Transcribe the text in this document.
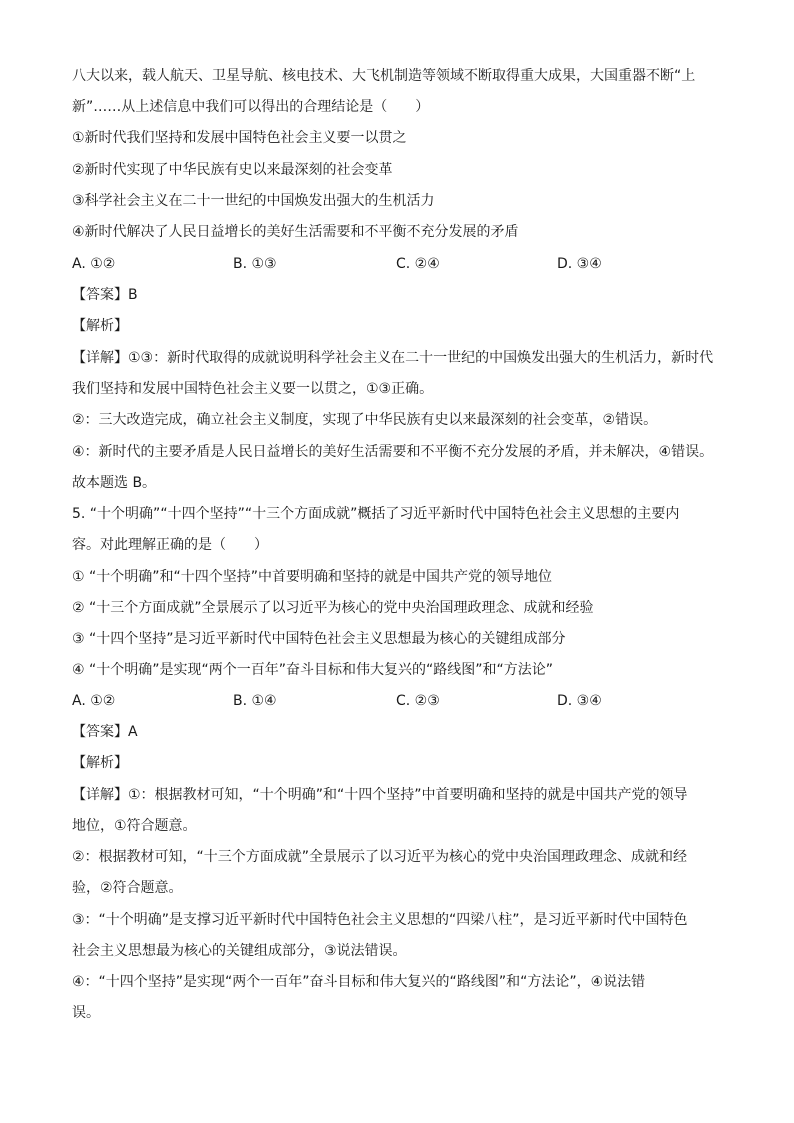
八大以来，载人航天、卫星导航、核电技术、大飞机制造等领域不断取得重大成果，大国重器不断“上
新”……从上述信息中我们可以得出的合理结论是（　　）
①新时代我们坚持和发展中国特色社会主义要一以贯之
②新时代实现了中华民族有史以来最深刻的社会变革
③科学社会主义在二十一世纪的中国焕发出强大的生机活力
④新时代解决了人民日益增长的美好生活需要和不平衡不充分发展的矛盾
A. ①②	B. ①③	C. ②④	D. ③④
【答案】B
【解析】
【详解】①③：新时代取得的成就说明科学社会主义在二十一世纪的中国焕发出强大的生机活力，新时代
我们坚持和发展中国特色社会主义要一以贯之，①③正确。
②：三大改造完成，确立社会主义制度，实现了中华民族有史以来最深刻的社会变革，②错误。
④：新时代的主要矛盾是人民日益增长的美好生活需要和不平衡不充分发展的矛盾，并未解决，④错误。
故本题选 B。
5. “十个明确”“十四个坚持”“十三个方面成就”概括了习近平新时代中国特色社会主义思想的主要内
容。对此理解正确的是（　　）
① “十个明确”和“十四个坚持”中首要明确和坚持的就是中国共产党的领导地位
② “十三个方面成就”全景展示了以习近平为核心的党中央治国理政理念、成就和经验
③ “十四个坚持”是习近平新时代中国特色社会主义思想最为核心的关键组成部分
④ “十个明确”是实现“两个一百年”奋斗目标和伟大复兴的“路线图”和“方法论”
A. ①②	B. ①④	C. ②③	D. ③④
【答案】A
【解析】
【详解】①：根据教材可知，“十个明确”和“十四个坚持”中首要明确和坚持的就是中国共产党的领导
地位，①符合题意。
②：根据教材可知，“十三个方面成就”全景展示了以习近平为核心的党中央治国理政理念、成就和经
验，②符合题意。
③：“十个明确”是支撑习近平新时代中国特色社会主义思想的“四梁八柱”，是习近平新时代中国特色
社会主义思想最为核心的关键组成部分，③说法错误。
④：“十四个坚持”是实现“两个一百年”奋斗目标和伟大复兴的“路线图”和“方法论”，④说法错
误。
